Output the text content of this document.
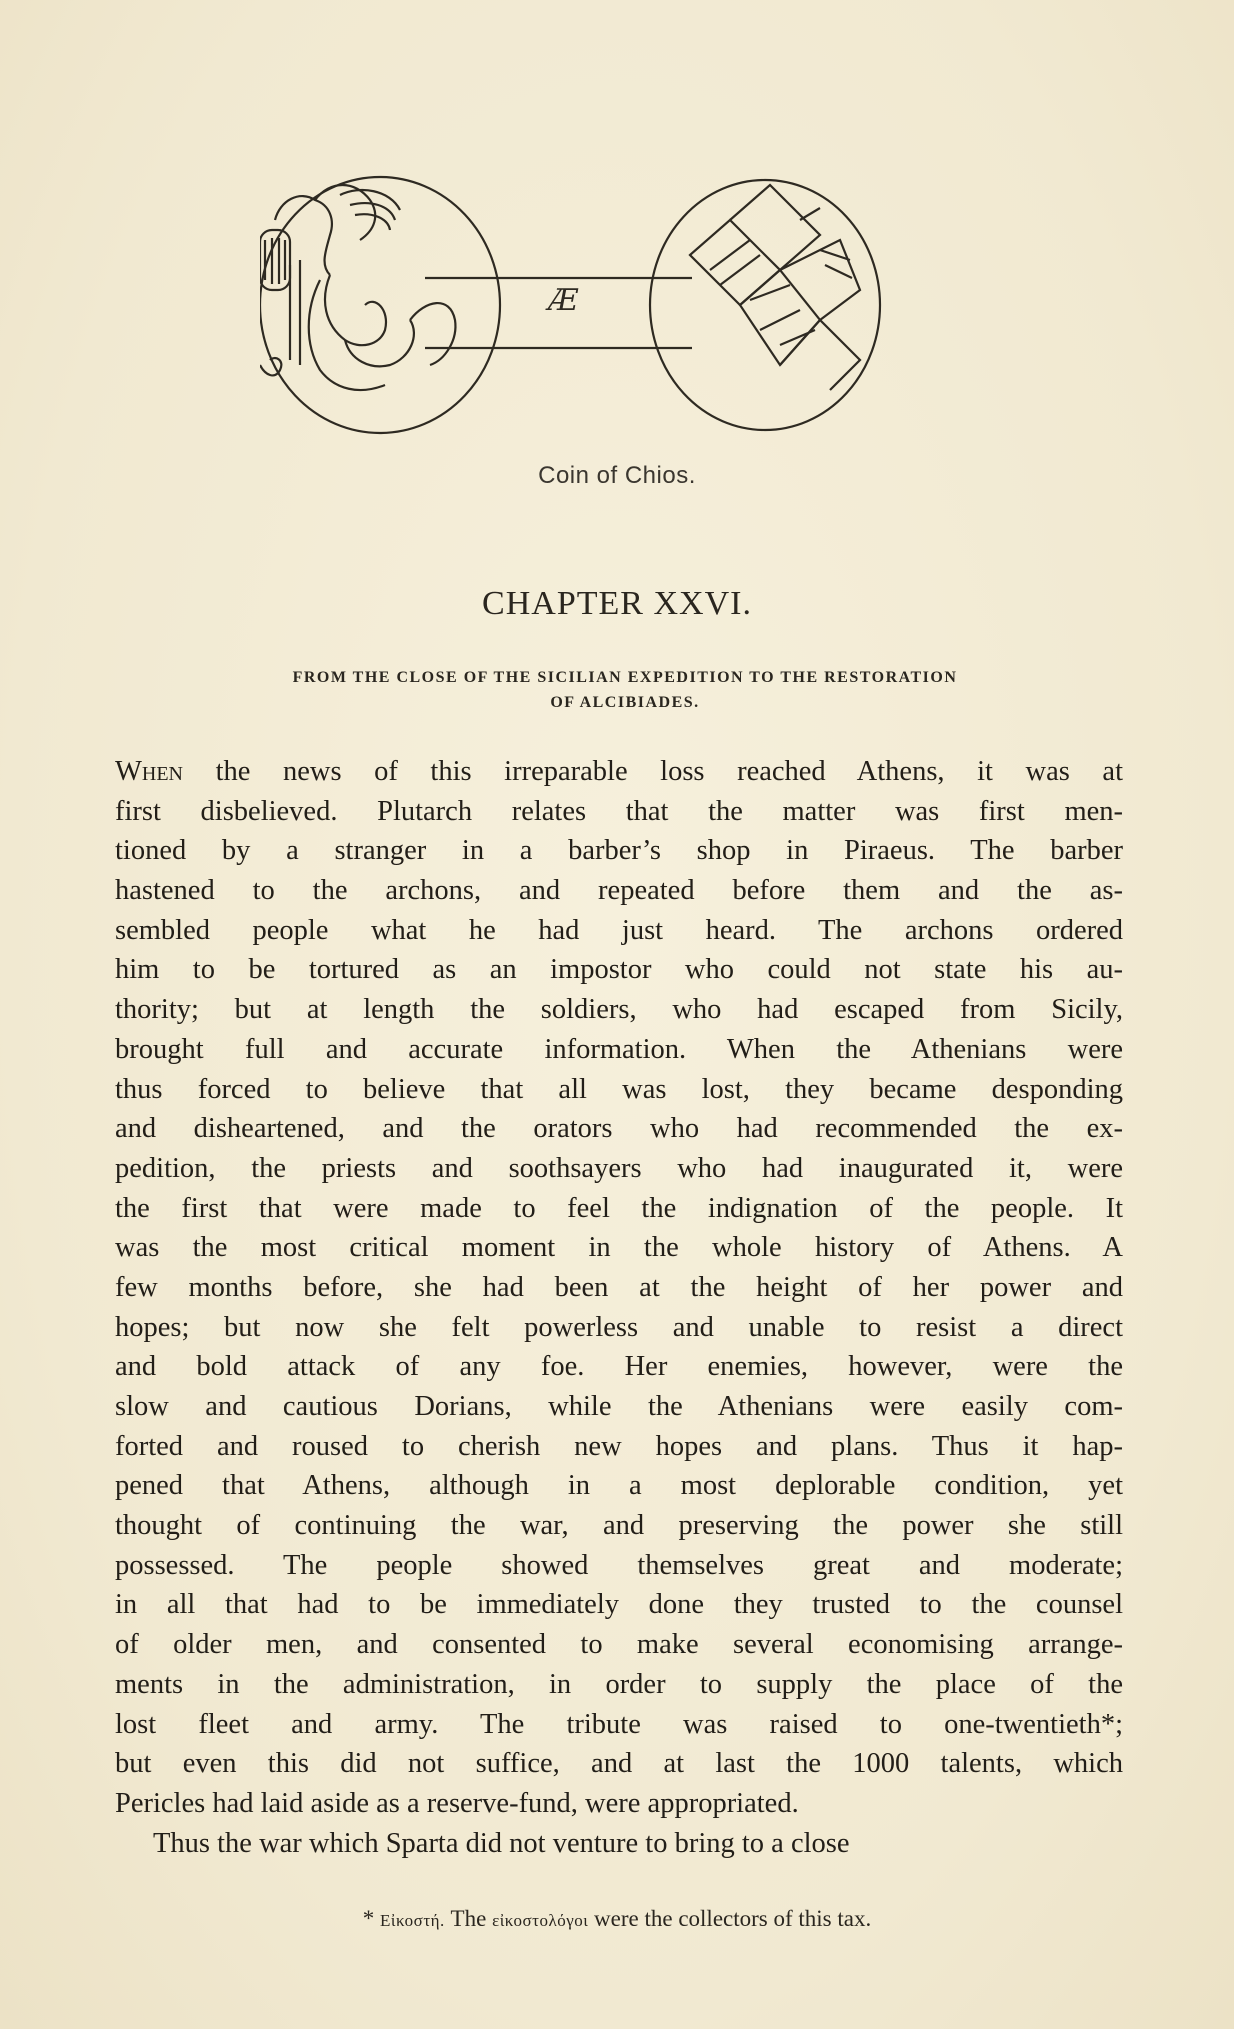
Æ
Coin of Chios.
CHAPTER XXVI.
FROM THE CLOSE OF THE SICILIAN EXPEDITION TO THE RESTORATION
OF ALCIBIADES.
When the news of this irreparable loss reached Athens, it was at
first disbelieved. Plutarch relates that the matter was first men-
tioned by a stranger in a barber’s shop in Piraeus. The barber
hastened to the archons, and repeated before them and the as-
sembled people what he had just heard. The archons ordered
him to be tortured as an impostor who could not state his au-
thority; but at length the soldiers, who had escaped from Sicily,
brought full and accurate information. When the Athenians were
thus forced to believe that all was lost, they became desponding
and disheartened, and the orators who had recommended the ex-
pedition, the priests and soothsayers who had inaugurated it, were
the first that were made to feel the indignation of the people. It
was the most critical moment in the whole history of Athens. A
few months before, she had been at the height of her power and
hopes; but now she felt powerless and unable to resist a direct
and bold attack of any foe. Her enemies, however, were the
slow and cautious Dorians, while the Athenians were easily com-
forted and roused to cherish new hopes and plans. Thus it hap-
pened that Athens, although in a most deplorable condition, yet
thought of continuing the war, and preserving the power she still
possessed. The people showed themselves great and moderate;
in all that had to be immediately done they trusted to the counsel
of older men, and consented to make several economising arrange-
ments in the administration, in order to supply the place of the
lost fleet and army. The tribute was raised to one-twentieth*;
but even this did not suffice, and at last the 1000 talents, which
Pericles had laid aside as a reserve-fund, were appropriated.
Thus the war which Sparta did not venture to bring to a close
* Εἰκοστή. The εἰκοστολόγοι were the collectors of this tax.
